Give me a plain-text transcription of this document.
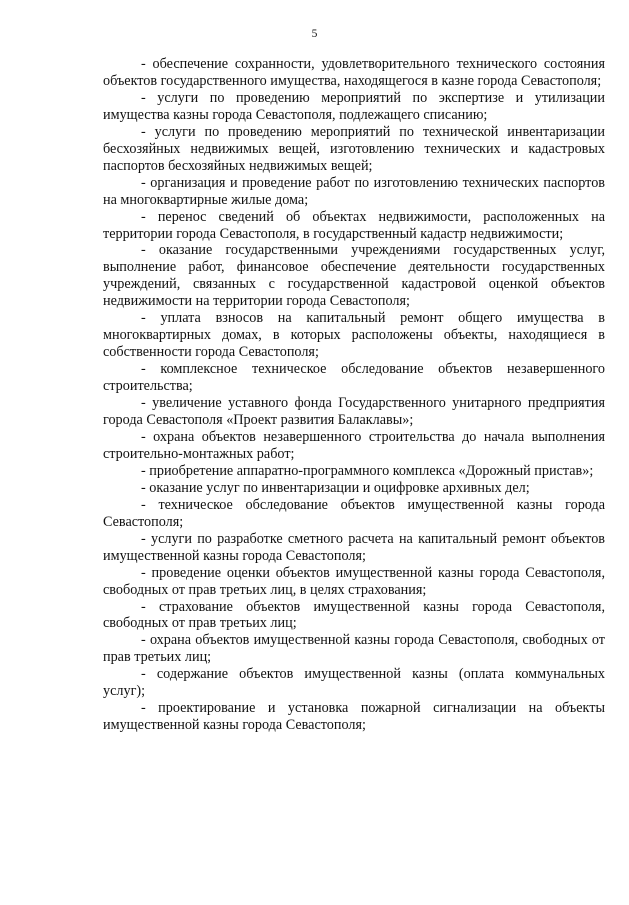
5

- обеспечение сохранности, удовлетворительного технического состояния объектов государственного имущества, находящегося в казне города Севастополя;

- услуги по проведению мероприятий по экспертизе и утилизации имущества казны города Севастополя, подлежащего списанию;

- услуги по проведению мероприятий по технической инвентаризации бесхозяйных недвижимых вещей, изготовлению технических и кадастровых паспортов бесхозяйных недвижимых вещей;

- организация и проведение работ по изготовлению технических паспортов на многоквартирные жилые дома;

- перенос сведений об объектах недвижимости, расположенных на территории города Севастополя, в государственный кадастр недвижимости;

- оказание государственными учреждениями государственных услуг, выполнение работ, финансовое обеспечение деятельности государственных учреждений, связанных с государственной кадастровой оценкой объектов недвижимости на территории города Севастополя;

- уплата взносов на капитальный ремонт общего имущества в многоквартирных домах, в которых расположены объекты, находящиеся в собственности города Севастополя;

- комплексное техническое обследование объектов незавершенного строительства;

- увеличение уставного фонда Государственного унитарного предприятия города Севастополя «Проект развития Балаклавы»;

- охрана объектов незавершенного строительства до начала выполнения строительно-монтажных работ;

- приобретение аппаратно-программного комплекса «Дорожный пристав»;

- оказание услуг по инвентаризации и оцифровке архивных дел;

- техническое обследование объектов имущественной казны города Севастополя;

- услуги по разработке сметного расчета на капитальный ремонт объектов имущественной казны города Севастополя;

- проведение оценки объектов имущественной казны города Севастополя, свободных от прав третьих лиц, в целях страхования;

- страхование объектов имущественной казны города Севастополя, свободных от прав третьих лиц;

- охрана объектов имущественной казны города Севастополя, свободных от прав третьих лиц;

- содержание объектов имущественной казны (оплата коммунальных услуг);

- проектирование и установка пожарной сигнализации на объекты имущественной казны города Севастополя;
